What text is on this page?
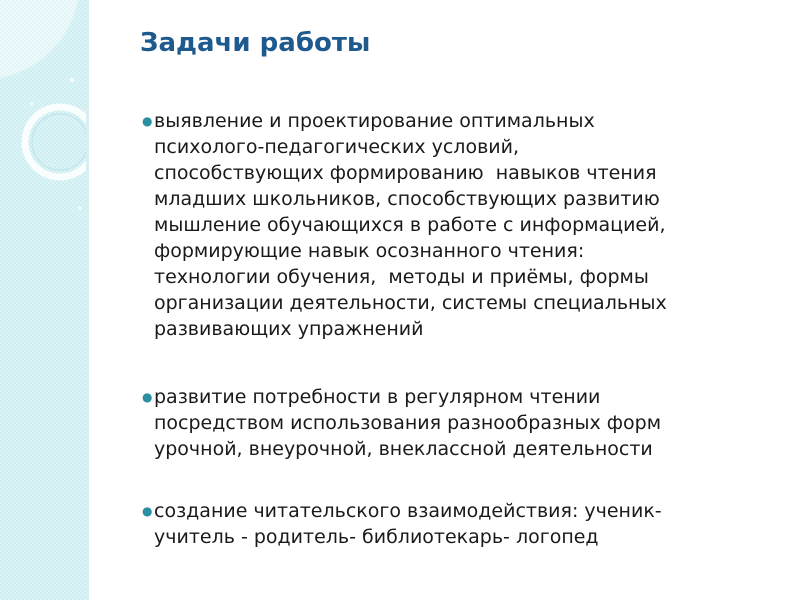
Задачи работы
● выявление и проектирование оптимальных
психолого-педагогических условий,
способствующих формированию  навыков чтения
младших школьников, способствующих развитию
мышление обучающихся в работе с информацией,
формирующие навык осознанного чтения:
технологии обучения,  методы и приёмы, формы
организации деятельности, системы специальных
развивающих упражнений
● развитие потребности в регулярном чтении
посредством использования разнообразных форм
урочной, внеурочной, внеклассной деятельности
● создание читательского взаимодействия: ученик-
учитель - родитель- библиотекарь- логопед
